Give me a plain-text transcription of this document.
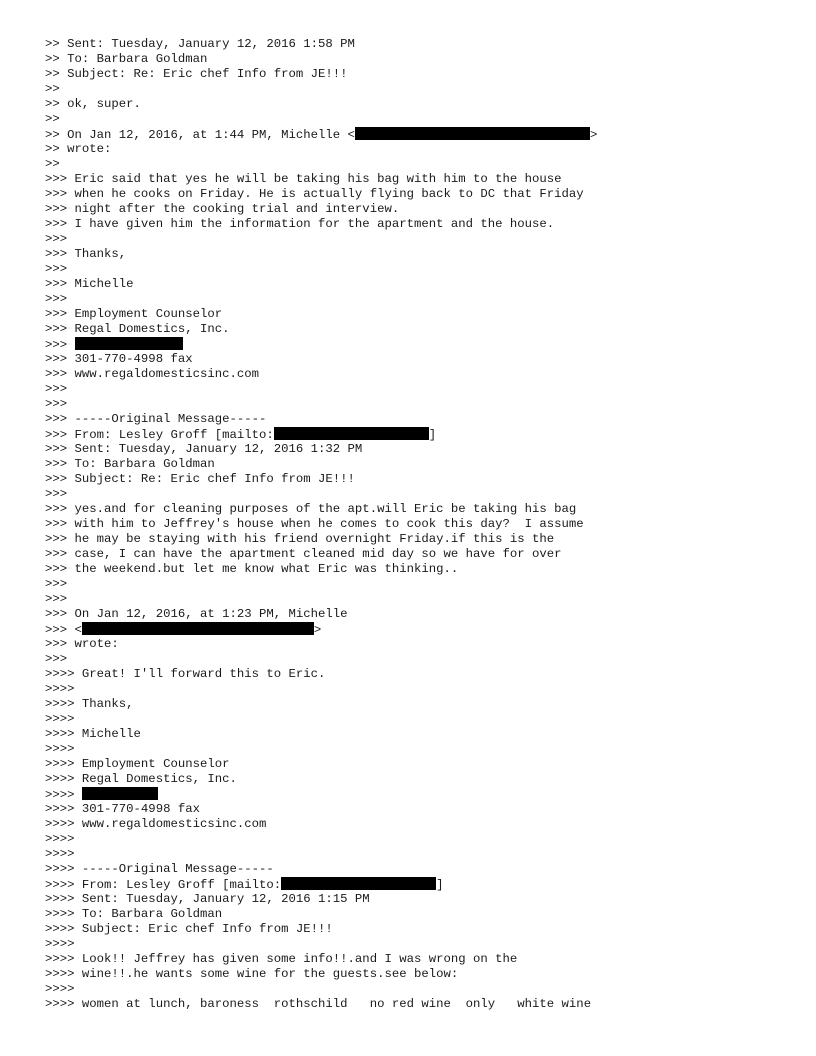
>> Sent: Tuesday, January 12, 2016 1:58 PM
>> To: Barbara Goldman
>> Subject: Re: Eric chef Info from JE!!!
>>
>> ok, super.
>>
>> On Jan 12, 2016, at 1:44 PM, Michelle <	>
>> wrote:
>>
>>> Eric said that yes he will be taking his bag with him to the house
>>> when he cooks on Friday. He is actually flying back to DC that Friday
>>> night after the cooking trial and interview.
>>> I have given him the information for the apartment and the house.
>>>
>>> Thanks,
>>>
>>> Michelle
>>>
>>> Employment Counselor
>>> Regal Domestics, Inc.
>>>
>>> 301-770-4998 fax
>>> www.regaldomesticsinc.com
>>>
>>>
>>> -----Original Message-----
>>> From: Lesley Groff [mailto:	]
>>> Sent: Tuesday, January 12, 2016 1:32 PM
>>> To: Barbara Goldman
>>> Subject: Re: Eric chef Info from JE!!!
>>>
>>> yes.and for cleaning purposes of the apt.will Eric be taking his bag
>>> with him to Jeffrey's house when he comes to cook this day?  I assume
>>> he may be staying with his friend overnight Friday.if this is the
>>> case, I can have the apartment cleaned mid day so we have for over
>>> the weekend.but let me know what Eric was thinking..
>>>
>>>
>>> On Jan 12, 2016, at 1:23 PM, Michelle
>>> <	>
>>> wrote:
>>>
>>>> Great! I'll forward this to Eric.
>>>>
>>>> Thanks,
>>>>
>>>> Michelle
>>>>
>>>> Employment Counselor
>>>> Regal Domestics, Inc.
>>>>
>>>> 301-770-4998 fax
>>>> www.regaldomesticsinc.com
>>>>
>>>>
>>>> -----Original Message-----
>>>> From: Lesley Groff [mailto:	]
>>>> Sent: Tuesday, January 12, 2016 1:15 PM
>>>> To: Barbara Goldman
>>>> Subject: Eric chef Info from JE!!!
>>>>
>>>> Look!! Jeffrey has given some info!!.and I was wrong on the
>>>> wine!!.he wants some wine for the guests.see below:
>>>>
>>>> women at lunch, baroness  rothschild   no red wine  only   white wine
